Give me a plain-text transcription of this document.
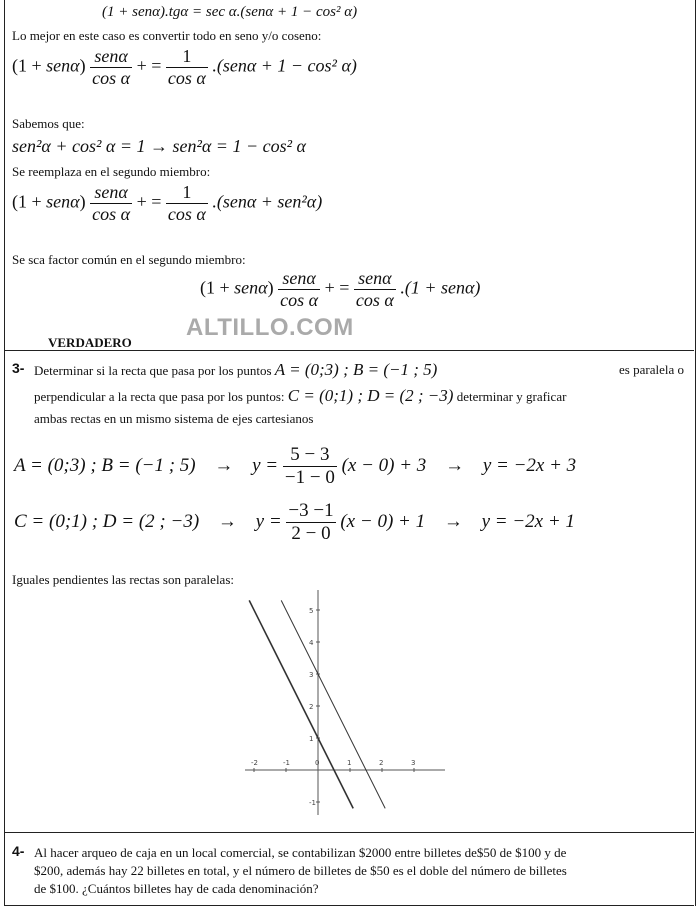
(1 + senα).tgα = sec α.(senα + 1 − cos² α)
Lo mejor en este caso es convertir todo en seno y/o coseno:
$(1 + sen\alpha) \frac{\text{senα}}{\text{cos α}}$ + = $\frac{1}{\text{cos α}} .(sen\alpha + 1 - \cos^2$ α)
Sabemos que:
sen²α + cos² α = 1 → sen²α = 1 − cos² α
Se reemplaza en el segundo miembro:
$(1 + sen\alpha) \frac{\text{senα}}{\text{cos α}}$ + = $\frac{1}{\text{cos α}} .(sen\alpha + sen^2\alpha)$
Se sca factor común en el segundo miembro:
$(1 + sen\alpha) \frac{\text{senα}}{\text{cos α}}$ + = $\frac{\text{senα}}{\text{cos α}} .(1 + sen\alpha)$
VERDADERO
ALTILLO.COM
3- Determinar si la recta que pasa por los puntos A = (0;3) ; B = (−1 ; 5)	es paralela o
perpendicular a la recta que pasa por los puntos: C = (0;1) ; D = (2 ; −3) determinar y graficar
ambas rectas en un mismo sistema de ejes cartesianos
A = (0;3) ; B = (−1 ; $5) \to y = \frac{5 - 3}{-1 - 0} (x - 0) + 3 \to y = -2x + 3$
C = (0;1) ; D = (2 ; $-3) \to y = \frac{-3 -1}{2 - 0} (x - 0) + 1 \to y = -2x + 1$
Iguales pendientes las rectas son paralelas:
-2	-1	0	1	2	3
5
4
3
2
1
-1
4- Al hacer arqueo de caja en un local comercial, se contabilizan $2000 entre billetes de$50 de $100 y de
$200, además hay 22 billetes en total, y el número de billetes de $50 es el doble del número de billetes
de $100. ¿Cuántos billetes hay de cada denominación?
